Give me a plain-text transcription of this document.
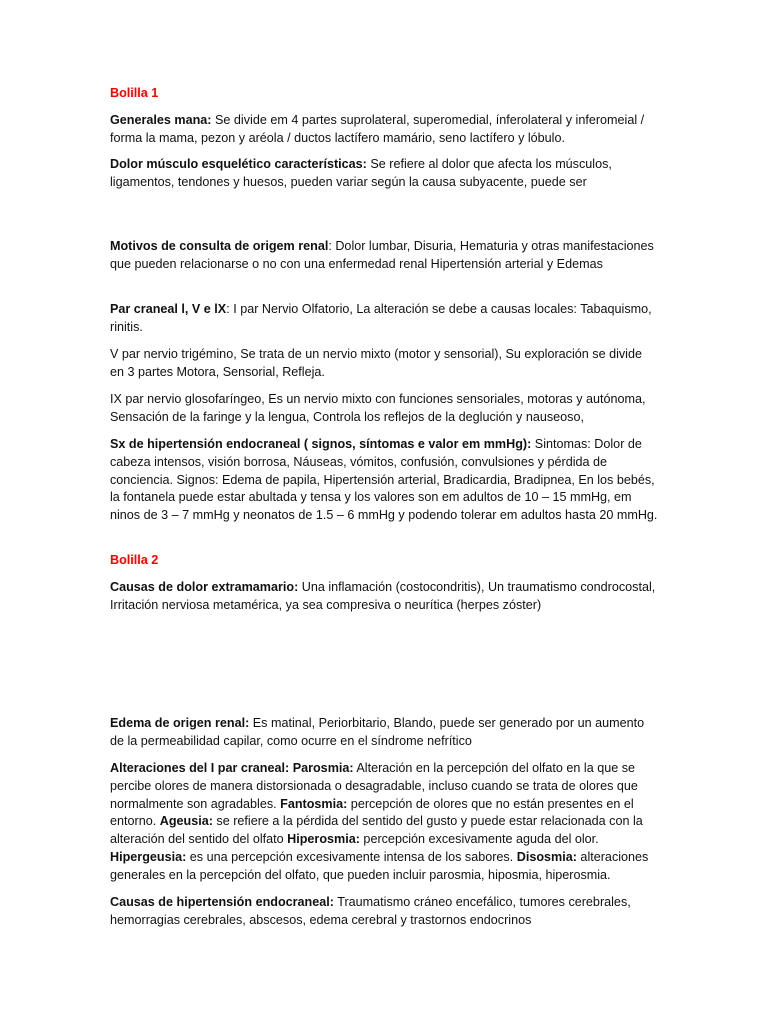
Bolilla 1

Generales mana: Se divide em 4 partes suprolateral, superomedial, ínferolateral y inferomeial / forma la mama, pezon y aréola / ductos lactífero mamário, seno lactífero y lóbulo.

Dolor músculo esquelético características: Se refiere al dolor que afecta los músculos, ligamentos, tendones y huesos, pueden variar según la causa subyacente, puede ser

Motivos de consulta de origem renal: Dolor lumbar, Disuria, Hematuria y otras manifestaciones que pueden relacionarse o no con una enfermedad renal Hipertensión arterial y Edemas

Par craneal l, V e lX: I par Nervio Olfatorio, La alteración se debe a causas locales: Tabaquismo, rinitis.

V par nervio trigémino, Se trata de un nervio mixto (motor y sensorial), Su exploración se divide en 3 partes Motora, Sensorial, Refleja.

IX par nervio glosofaríngeo, Es un nervio mixto con funciones sensoriales, motoras y autónoma, Sensación de la faringe y la lengua, Controla los reflejos de la deglución y nauseoso,

Sx de hipertensión endocraneal ( signos, síntomas e valor em mmHg): Sintomas: Dolor de cabeza intensos, visión borrosa, Náuseas, vómitos, confusión, convulsiones y pérdida de conciencia. Signos: Edema de papila, Hipertensión arterial, Bradicardia, Bradipnea, En los bebés, la fontanela puede estar abultada y tensa y los valores son em adultos de 10 – 15 mmHg, em ninos de 3 – 7 mmHg y neonatos de 1.5 – 6 mmHg y podendo tolerar em adultos hasta 20 mmHg.

Bolilla 2

Causas de dolor extramamario: Una inflamación (costocondritis), Un traumatismo condrocostal, Irritación nerviosa metamérica, ya sea compresiva o neurítica (herpes zóster)

Edema de origen renal: Es matinal, Periorbitario, Blando, puede ser generado por un aumento de la permeabilidad capilar, como ocurre en el síndrome nefrítico

Alteraciones del I par craneal: Parosmia: Alteración en la percepción del olfato en la que se percibe olores de manera distorsionada o desagradable, incluso cuando se trata de olores que normalmente son agradables. Fantosmia: percepción de olores que no están presentes en el entorno. Ageusia: se refiere a la pérdida del sentido del gusto y puede estar relacionada con la alteración del sentido del olfato Hiperosmia: percepción excesivamente aguda del olor. Hipergeusia: es una percepción excesivamente intensa de los sabores. Disosmia: alteraciones generales en la percepción del olfato, que pueden incluir parosmia, hiposmia, hiperosmia.

Causas de hipertensión endocraneal: Traumatismo cráneo encefálico, tumores cerebrales, hemorragias cerebrales, abscesos, edema cerebral y trastornos endocrinos
